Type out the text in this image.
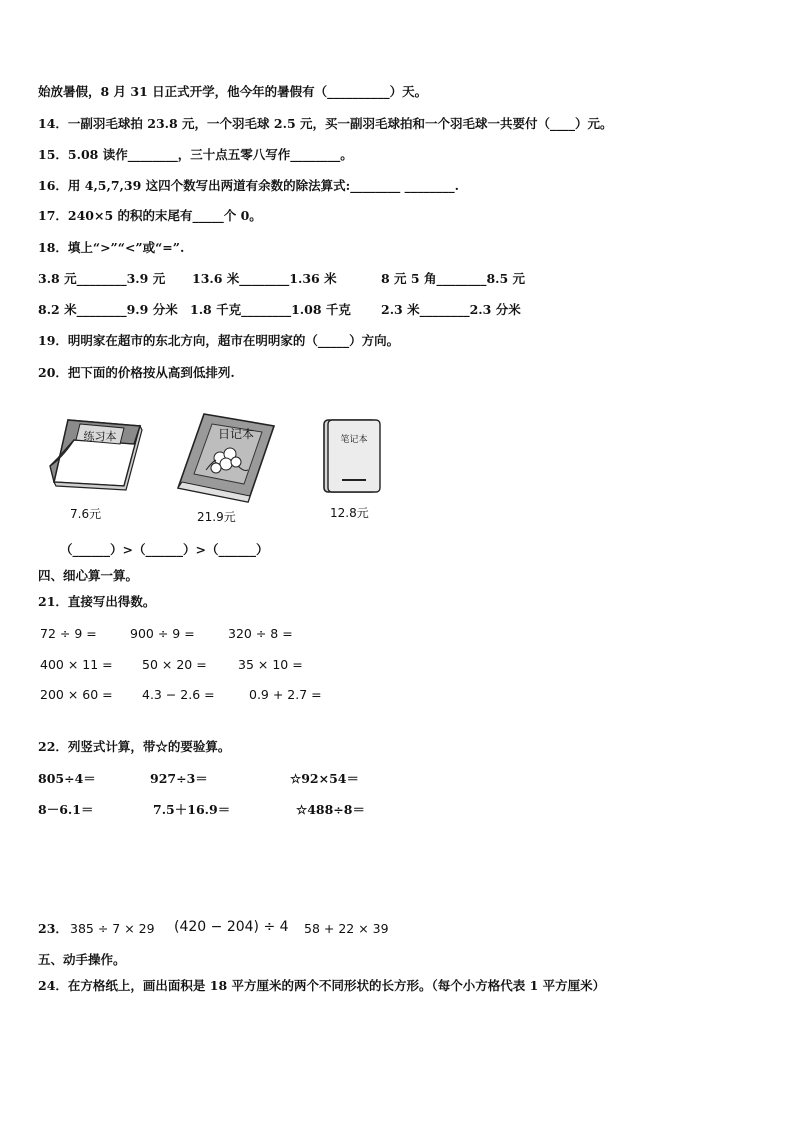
始放暑假，8 月 31 日正式开学，他今年的暑假有（__________）天。
14．一副羽毛球拍 23.8 元，一个羽毛球 2.5 元，买一副羽毛球拍和一个羽毛球一共要付（____）元。
15．5.08 读作________，三十点五零八写作________。
16．用 4,5,7,39 这四个数写出两道有余数的除法算式:________ ________.
17．240×5 的积的末尾有_____个 0。
18．填上“>”“<”或“=”.
3.8 元________3.9 元 13.6 米________1.36 米	8 元 5 角________8.5 元
8.2 米________9.9 分米 1.8 千克________1.08 千克 2.3 米________2.3 分米
19．明明家在超市的东北方向，超市在明明家的（_____）方向。
20．把下面的价格按从高到低排列.
练习本
7.6元
日记本
21.9元
笔记本
12.8元
（______）>（______）>（______）
四、细心算一算。
21．直接写出得数。
72 ÷ 9 =	900 ÷ 9 =	320 ÷ 8 =
400 × 11 = 50 × 20 =	35 × 10 =
200 × 60 = 4.3 − 2.6 =	0.9 + 2.7 =
22．列竖式计算，带☆的要验算。
805÷4＝	927÷3＝	☆92×54＝
8－6.1＝	7.5＋16.9＝	☆488÷8＝
23． 385 ÷ 7 × 29 (420 − 204) ÷ 4 58 + 22 × 39
五、动手操作。
24．在方格纸上，画出面积是 18 平方厘米的两个不同形状的长方形。（每个小方格代表 1 平方厘米）
